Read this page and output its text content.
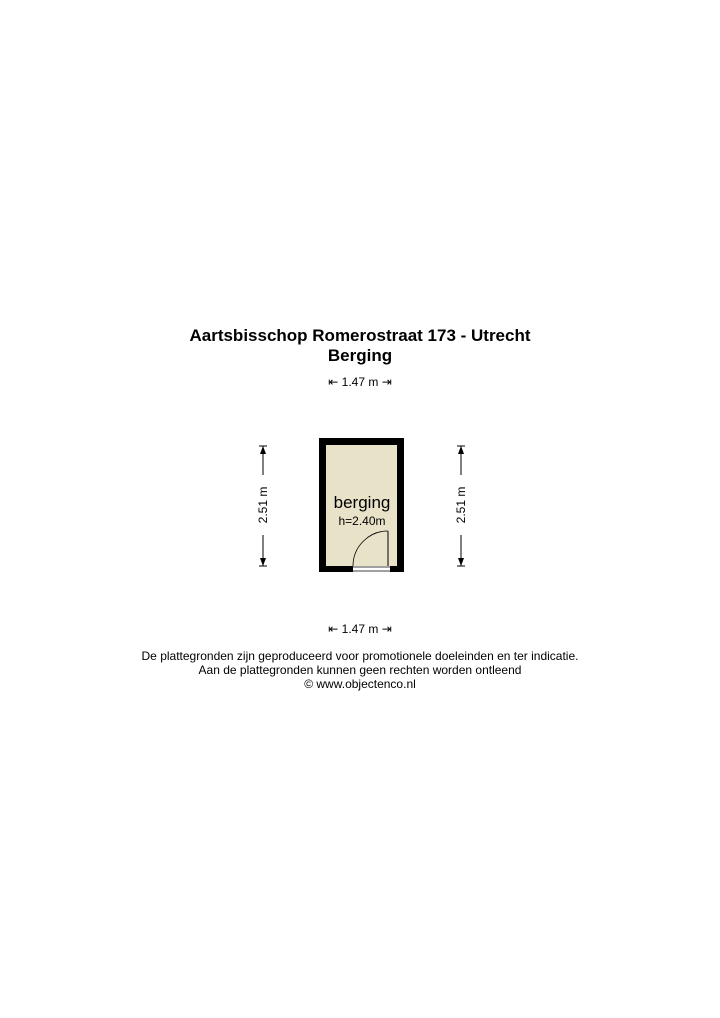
Aartsbisschop Romerostraat 173 - Utrecht
Berging
⇤ 1.47 m ⇥
2.51 m	2.51 m
berging
h=2.40m
⇤ 1.47 m ⇥
De plattegronden zijn geproduceerd voor promotionele doeleinden en ter indicatie.
Aan de plattegronden kunnen geen rechten worden ontleend
© www.objectenco.nl
